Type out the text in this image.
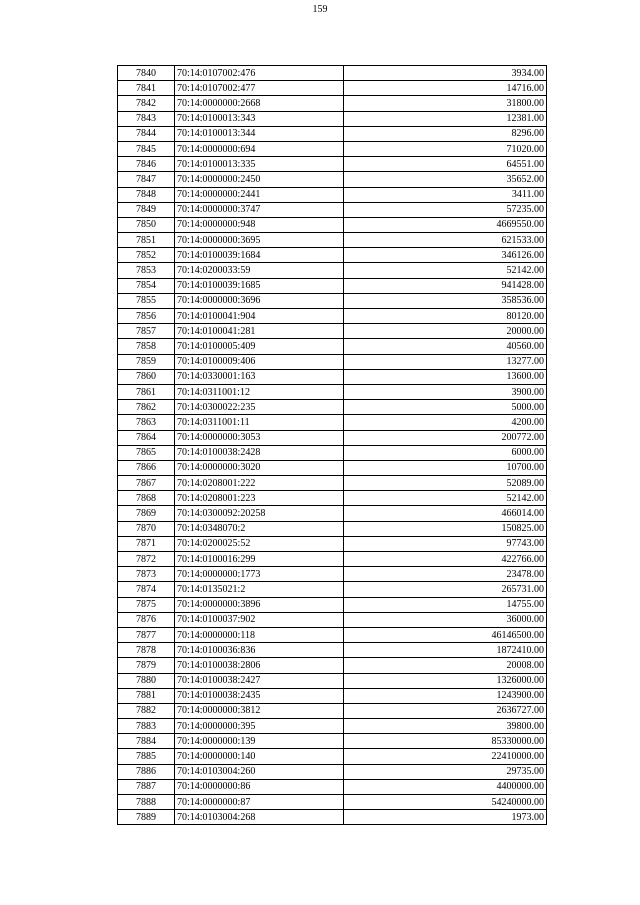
159
7840	70:14:0107002:476	3934.00
7841	70:14:0107002:477	14716.00
7842	70:14:0000000:2668	31800.00
7843	70:14:0100013:343	12381.00
7844	70:14:0100013:344	8296.00
7845	70:14:0000000:694	71020.00
7846	70:14:0100013:335	64551.00
7847	70:14:0000000:2450	35652.00
7848	70:14:0000000:2441	3411.00
7849	70:14:0000000:3747	57235.00
7850	70:14:0000000:948	4669550.00
7851	70:14:0000000:3695	621533.00
7852	70:14:0100039:1684	346126.00
7853	70:14:0200033:59	52142.00
7854	70:14:0100039:1685	941428.00
7855	70:14:0000000:3696	358536.00
7856	70:14:0100041:904	80120.00
7857	70:14:0100041:281	20000.00
7858	70:14:0100005:409	40560.00
7859	70:14:0100009:406	13277.00
7860	70:14:0330001:163	13600.00
7861	70:14:0311001:12	3900.00
7862	70:14:0300022:235	5000.00
7863	70:14:0311001:11	4200.00
7864	70:14:0000000:3053	200772.00
7865	70:14:0100038:2428	6000.00
7866	70:14:0000000:3020	10700.00
7867	70:14:0208001:222	52089.00
7868	70:14:0208001:223	52142.00
7869	70:14:0300092:20258	466014.00
7870	70:14:0348070:2	150825.00
7871	70:14:0200025:52	97743.00
7872	70:14:0100016:299	422766.00
7873	70:14:0000000:1773	23478.00
7874	70:14:0135021:2	265731.00
7875	70:14:0000000:3896	14755.00
7876	70:14:0100037:902	36000.00
7877	70:14:0000000:118	46146500.00
7878	70:14:0100036:836	1872410.00
7879	70:14:0100038:2806	20008.00
7880	70:14:0100038:2427	1326000.00
7881	70:14:0100038:2435	1243900.00
7882	70:14:0000000:3812	2636727.00
7883	70:14:0000000:395	39800.00
7884	70:14:0000000:139	85330000.00
7885	70:14:0000000:140	22410000.00
7886	70:14:0103004:260	29735.00
7887	70:14:0000000:86	4400000.00
7888	70:14:0000000:87	54240000.00
7889	70:14:0103004:268	1973.00
